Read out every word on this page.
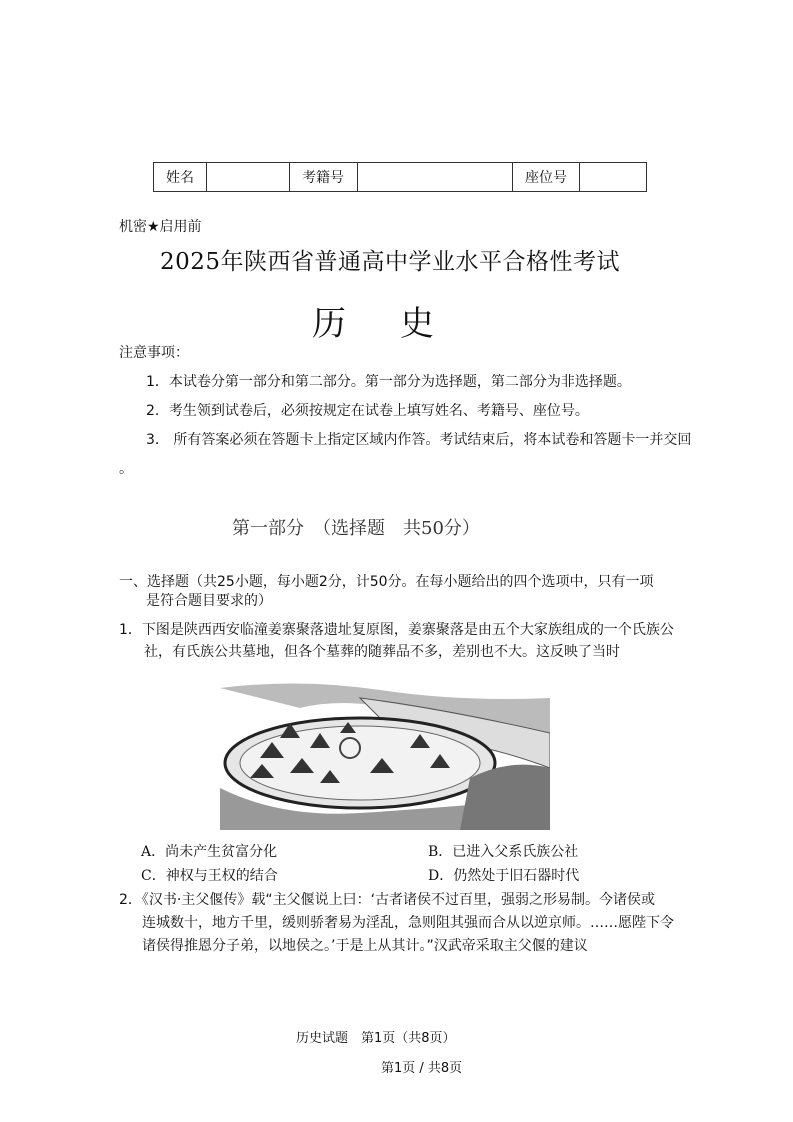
姓名		考籍号		座位号	
机密★启用前
2025年陕西省普通高中学业水平合格性考试
历 史
注意事项：
1．本试卷分第一部分和第二部分。第一部分为选择题，第二部分为非选择题。
2．考生领到试卷后，必须按规定在试卷上填写姓名、考籍号、座位号。
3． 所有答案必须在答题卡上指定区域内作答。考试结束后，将本试卷和答题卡一并交回
。
第一部分　（选择题　共50分）
一、选择题（共25小题，每小题2分，计50分。在每小题给出的四个选项中，只有一项
是符合题目要求的）
1．下图是陕西西安临潼姜寨聚落遗址复原图，姜寨聚落是由五个大家族组成的一个氏族公
社，有氏族公共墓地，但各个墓葬的随葬品不多，差别也不大。这反映了当时
A．尚未产生贫富分化	B．已进入父系氏族公社
C．神权与王权的结合	D．仍然处于旧石器时代
2．《汉书·主父偃传》载“主父偃说上曰：‘古者诸侯不过百里，强弱之形易制。今诸侯或
连城数十，地方千里，缓则骄奢易为淫乱，急则阻其强而合从以逆京师。……愿陛下令
诸侯得推恩分子弟，以地侯之。’于是上从其计。”汉武帝采取主父偃的建议
历史试题　第1页（共8页）
第1页 / 共8页
